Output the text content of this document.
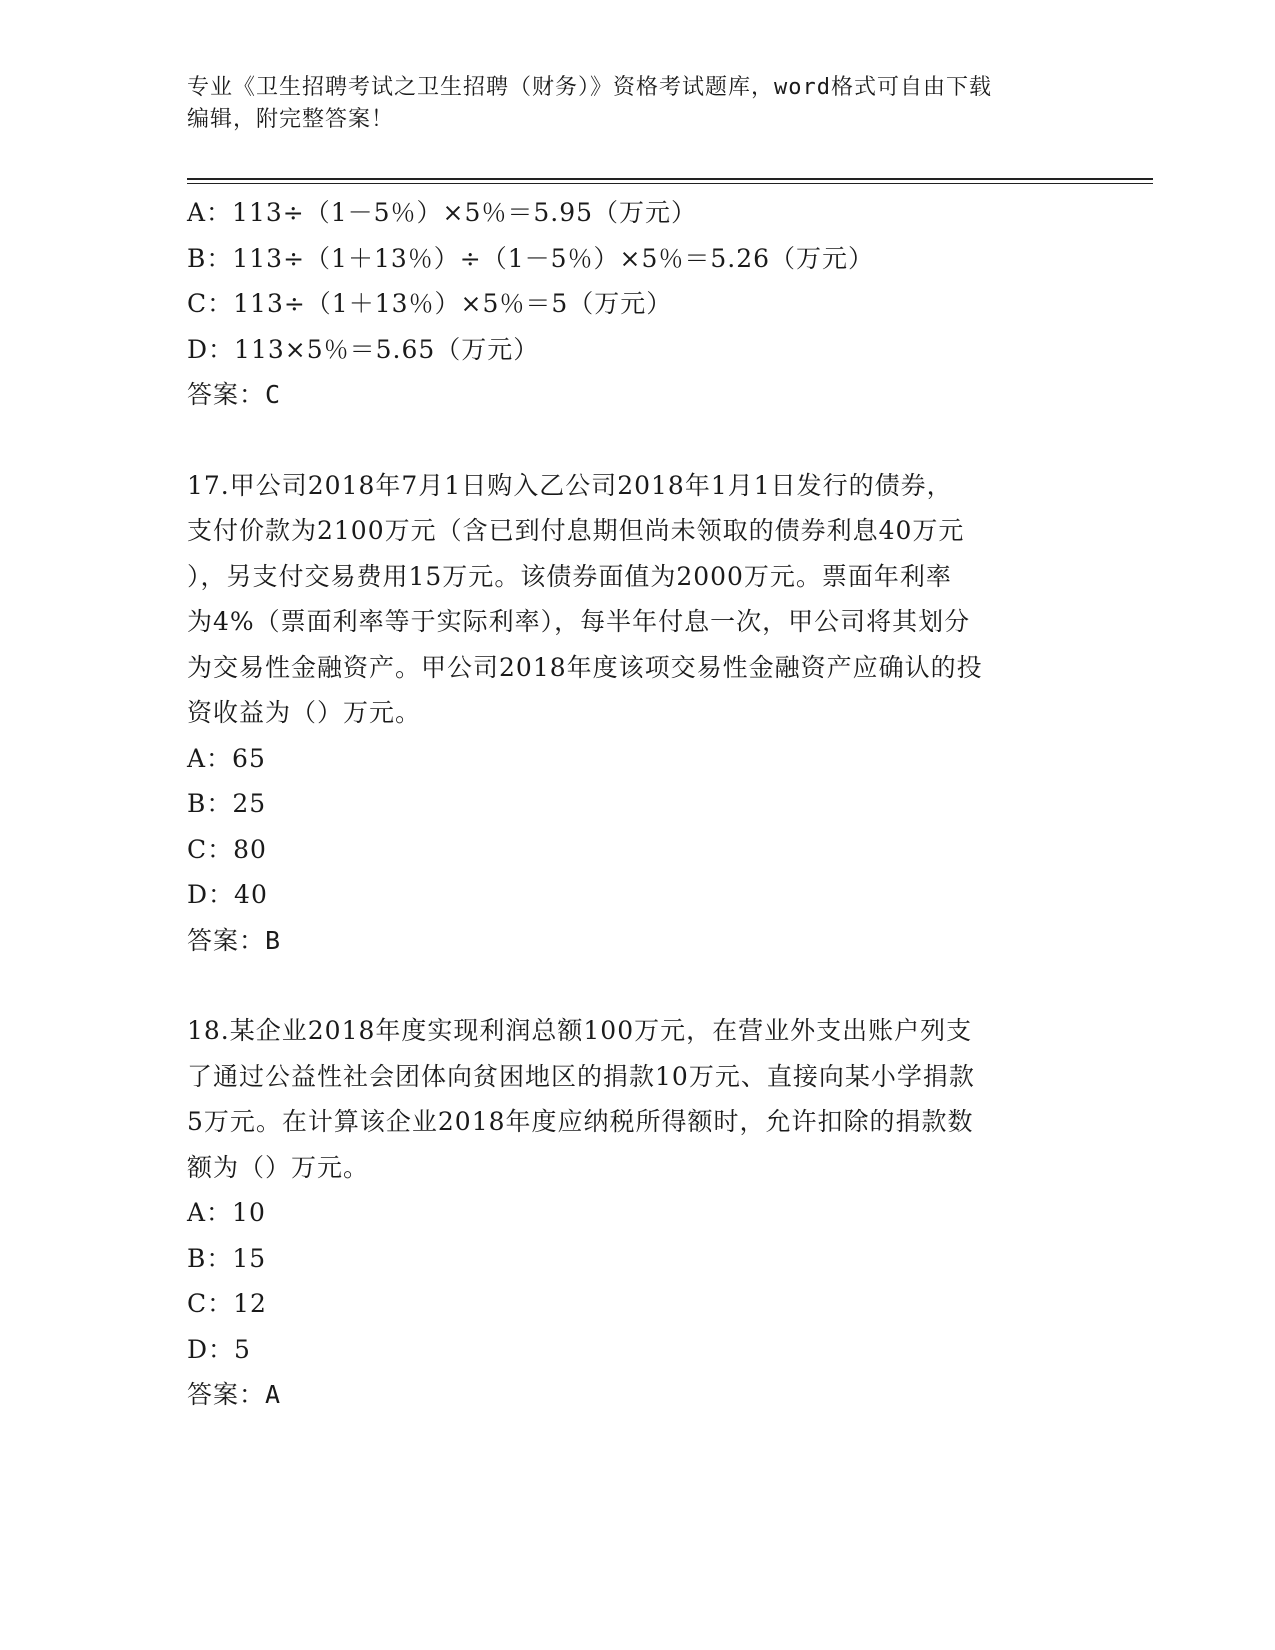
专业《卫生招聘考试之卫生招聘（财务）》资格考试题库，word格式可自由下载
编辑，附完整答案！
A：113÷（1－5％）×5％＝5.95（万元）
B：113÷（1＋13％）÷（1－5％）×5％＝5.26（万元）
C：113÷（1＋13％）×5％＝5（万元）
D：113×5％＝5.65（万元）
答案：C
17.甲公司2018年7月1日购入乙公司2018年1月1日发行的债券，
支付价款为2100万元（含已到付息期但尚未领取的债券利息40万元
），另支付交易费用15万元。该债券面值为2000万元。票面年利率
为4%（票面利率等于实际利率），每半年付息一次，甲公司将其划分
为交易性金融资产。甲公司2018年度该项交易性金融资产应确认的投
资收益为（）万元。
A：65
B：25
C：80
D：40
答案：B
18.某企业2018年度实现利润总额100万元，在营业外支出账户列支
了通过公益性社会团体向贫困地区的捐款10万元、直接向某小学捐款
5万元。在计算该企业2018年度应纳税所得额时，允许扣除的捐款数
额为（）万元。
A：10
B：15
C：12
D：5
答案：A
